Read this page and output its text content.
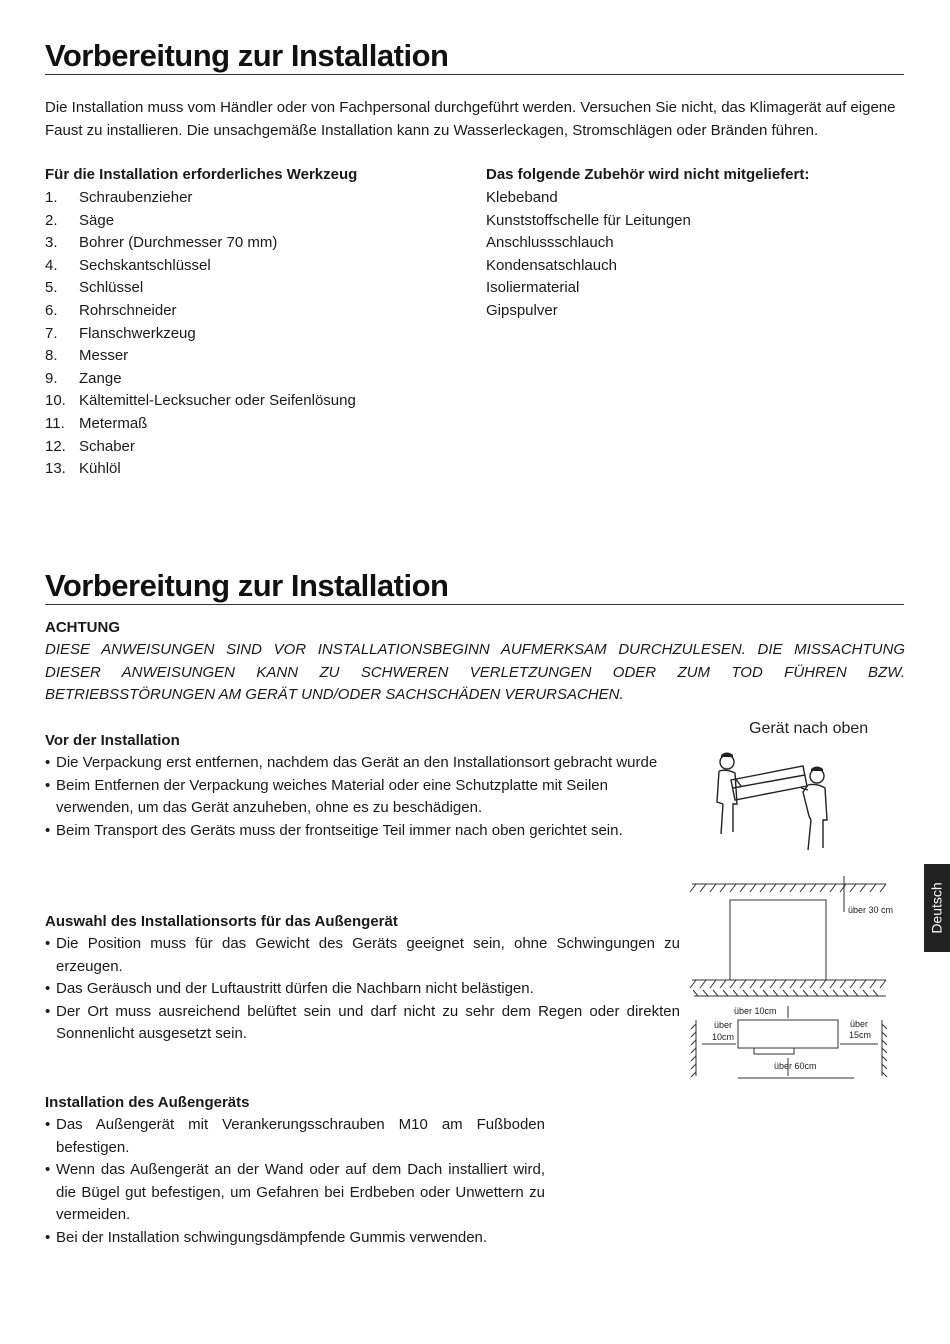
Vorbereitung zur Installation
Die Installation muss vom Händler oder von Fachpersonal durchgeführt werden. Versuchen Sie nicht, das Klimagerät auf eigene Faust zu installieren. Die unsachgemäße Installation kann zu Wasserleckagen, Stromschlägen oder Bränden führen.
Für die Installation erforderliches Werkzeug
1.	Schraubenzieher
2.	Säge
3.	Bohrer (Durchmesser 70 mm)
4.	Sechskantschlüssel
5.	Schlüssel
6.	Rohrschneider
7.	Flanschwerkzeug
8.	Messer
9.	Zange
10. Kältemittel-Lecksucher oder Seifenlösung
11. Metermaß
12. Schaber
13. Kühlöl
Das folgende Zubehör wird nicht mitgeliefert:
Klebeband
Kunststoffschelle für Leitungen
Anschlussschlauch
Kondensatschlauch
Isoliermaterial
Gipspulver
Vorbereitung zur Installation
ACHTUNG
DIESE ANWEISUNGEN SIND VOR INSTALLATIONSBEGINN AUFMERKSAM DURCHZULESEN. DIE MISSACHTUNG DIESER ANWEISUNGEN KANN ZU SCHWEREN VERLETZUNGEN ODER ZUM TOD FÜHREN BZW. BETRIEBSSTÖRUNGEN AM GERÄT UND/ODER SACHSCHÄDEN VERURSACHEN.
Vor der Installation
• Die Verpackung erst entfernen, nachdem das Gerät an den Installationsort gebracht wurde
• Beim Entfernen der Verpackung weiches Material oder eine Schutzplatte mit Seilen verwenden, um das Gerät anzuheben, ohne es zu beschädigen.
• Beim Transport des Geräts muss der frontseitige Teil immer nach oben gerichtet sein.
Gerät nach oben
Auswahl des Installationsorts für das Außengerät
• Die Position muss für das Gewicht des Geräts geeignet sein, ohne Schwingungen zu erzeugen.
• Das Geräusch und der Luftaustritt dürfen die Nachbarn nicht belästigen.
• Der Ort muss ausreichend belüftet sein und darf nicht zu sehr dem Regen oder direkten Sonnenlicht ausgesetzt sein.
über 30 cm
über 10cm
über
10cm
über
15cm
über 60cm
Installation des Außengeräts
• Das Außengerät mit Verankerungsschrauben M10 am Fußboden befestigen.
• Wenn das Außengerät an der Wand oder auf dem Dach installiert wird, die Bügel gut befestigen, um Gefahren bei Erdbeben oder Unwettern zu vermeiden.
• Bei der Installation schwingungsdämpfende Gummis verwenden.
Deutsch
